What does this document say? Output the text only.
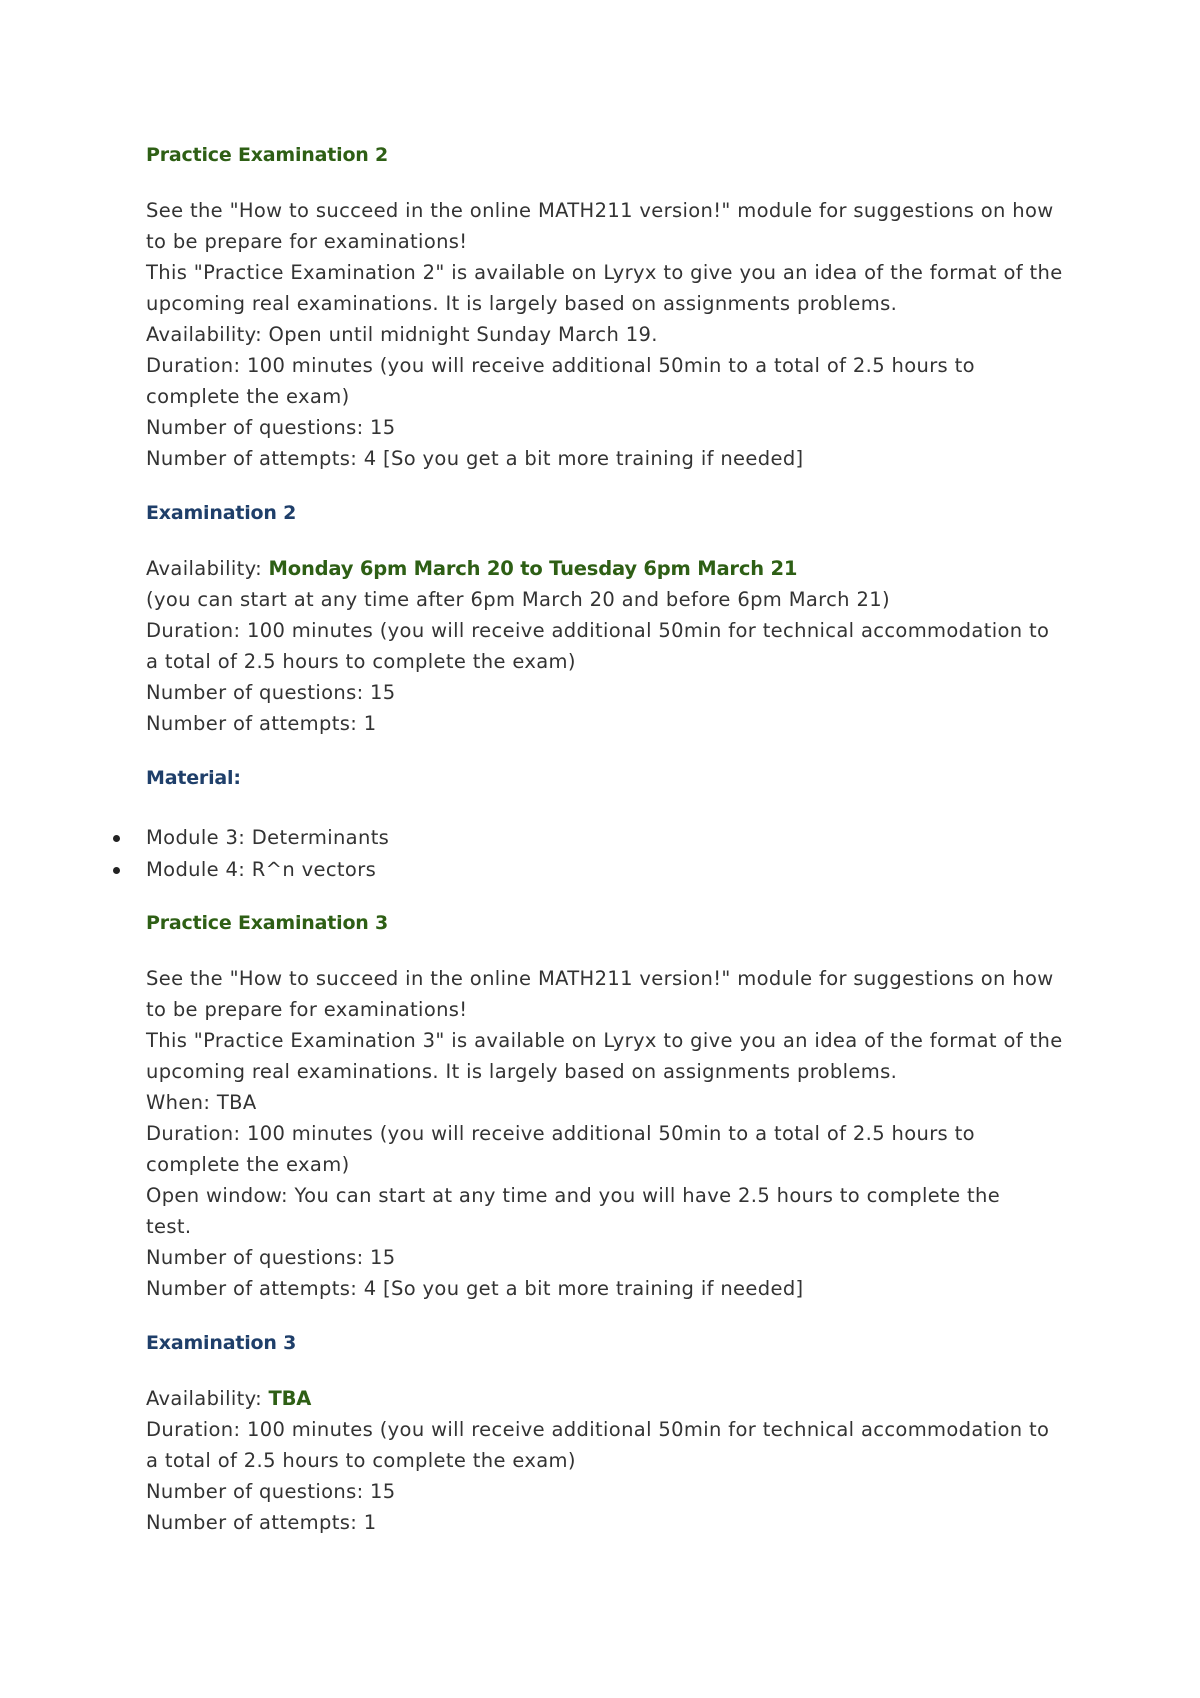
Practice Examination 2

See the "How to succeed in the online MATH211 version!" module for suggestions on how
to be prepare for examinations!
This "Practice Examination 2" is available on Lyryx to give you an idea of the format of the
upcoming real examinations. It is largely based on assignments problems.
Availability: Open until midnight Sunday March 19.
Duration: 100 minutes (you will receive additional 50min to a total of 2.5 hours to
complete the exam)
Number of questions: 15
Number of attempts: 4 [So you get a bit more training if needed]

Examination 2

Availability: Monday 6pm March 20 to Tuesday 6pm March 21
(you can start at any time after 6pm March 20 and before 6pm March 21)
Duration: 100 minutes (you will receive additional 50min for technical accommodation to
a total of 2.5 hours to complete the exam)
Number of questions: 15
Number of attempts: 1

Material:
Module 3: Determinants
Module 4: R^n vectors
Practice Examination 3

See the "How to succeed in the online MATH211 version!" module for suggestions on how
to be prepare for examinations!
This "Practice Examination 3" is available on Lyryx to give you an idea of the format of the
upcoming real examinations. It is largely based on assignments problems.
When: TBA
Duration: 100 minutes (you will receive additional 50min to a total of 2.5 hours to
complete the exam)
Open window: You can start at any time and you will have 2.5 hours to complete the
test.
Number of questions: 15
Number of attempts: 4 [So you get a bit more training if needed]

Examination 3

Availability: TBA
Duration: 100 minutes (you will receive additional 50min for technical accommodation to
a total of 2.5 hours to complete the exam)
Number of questions: 15
Number of attempts: 1
